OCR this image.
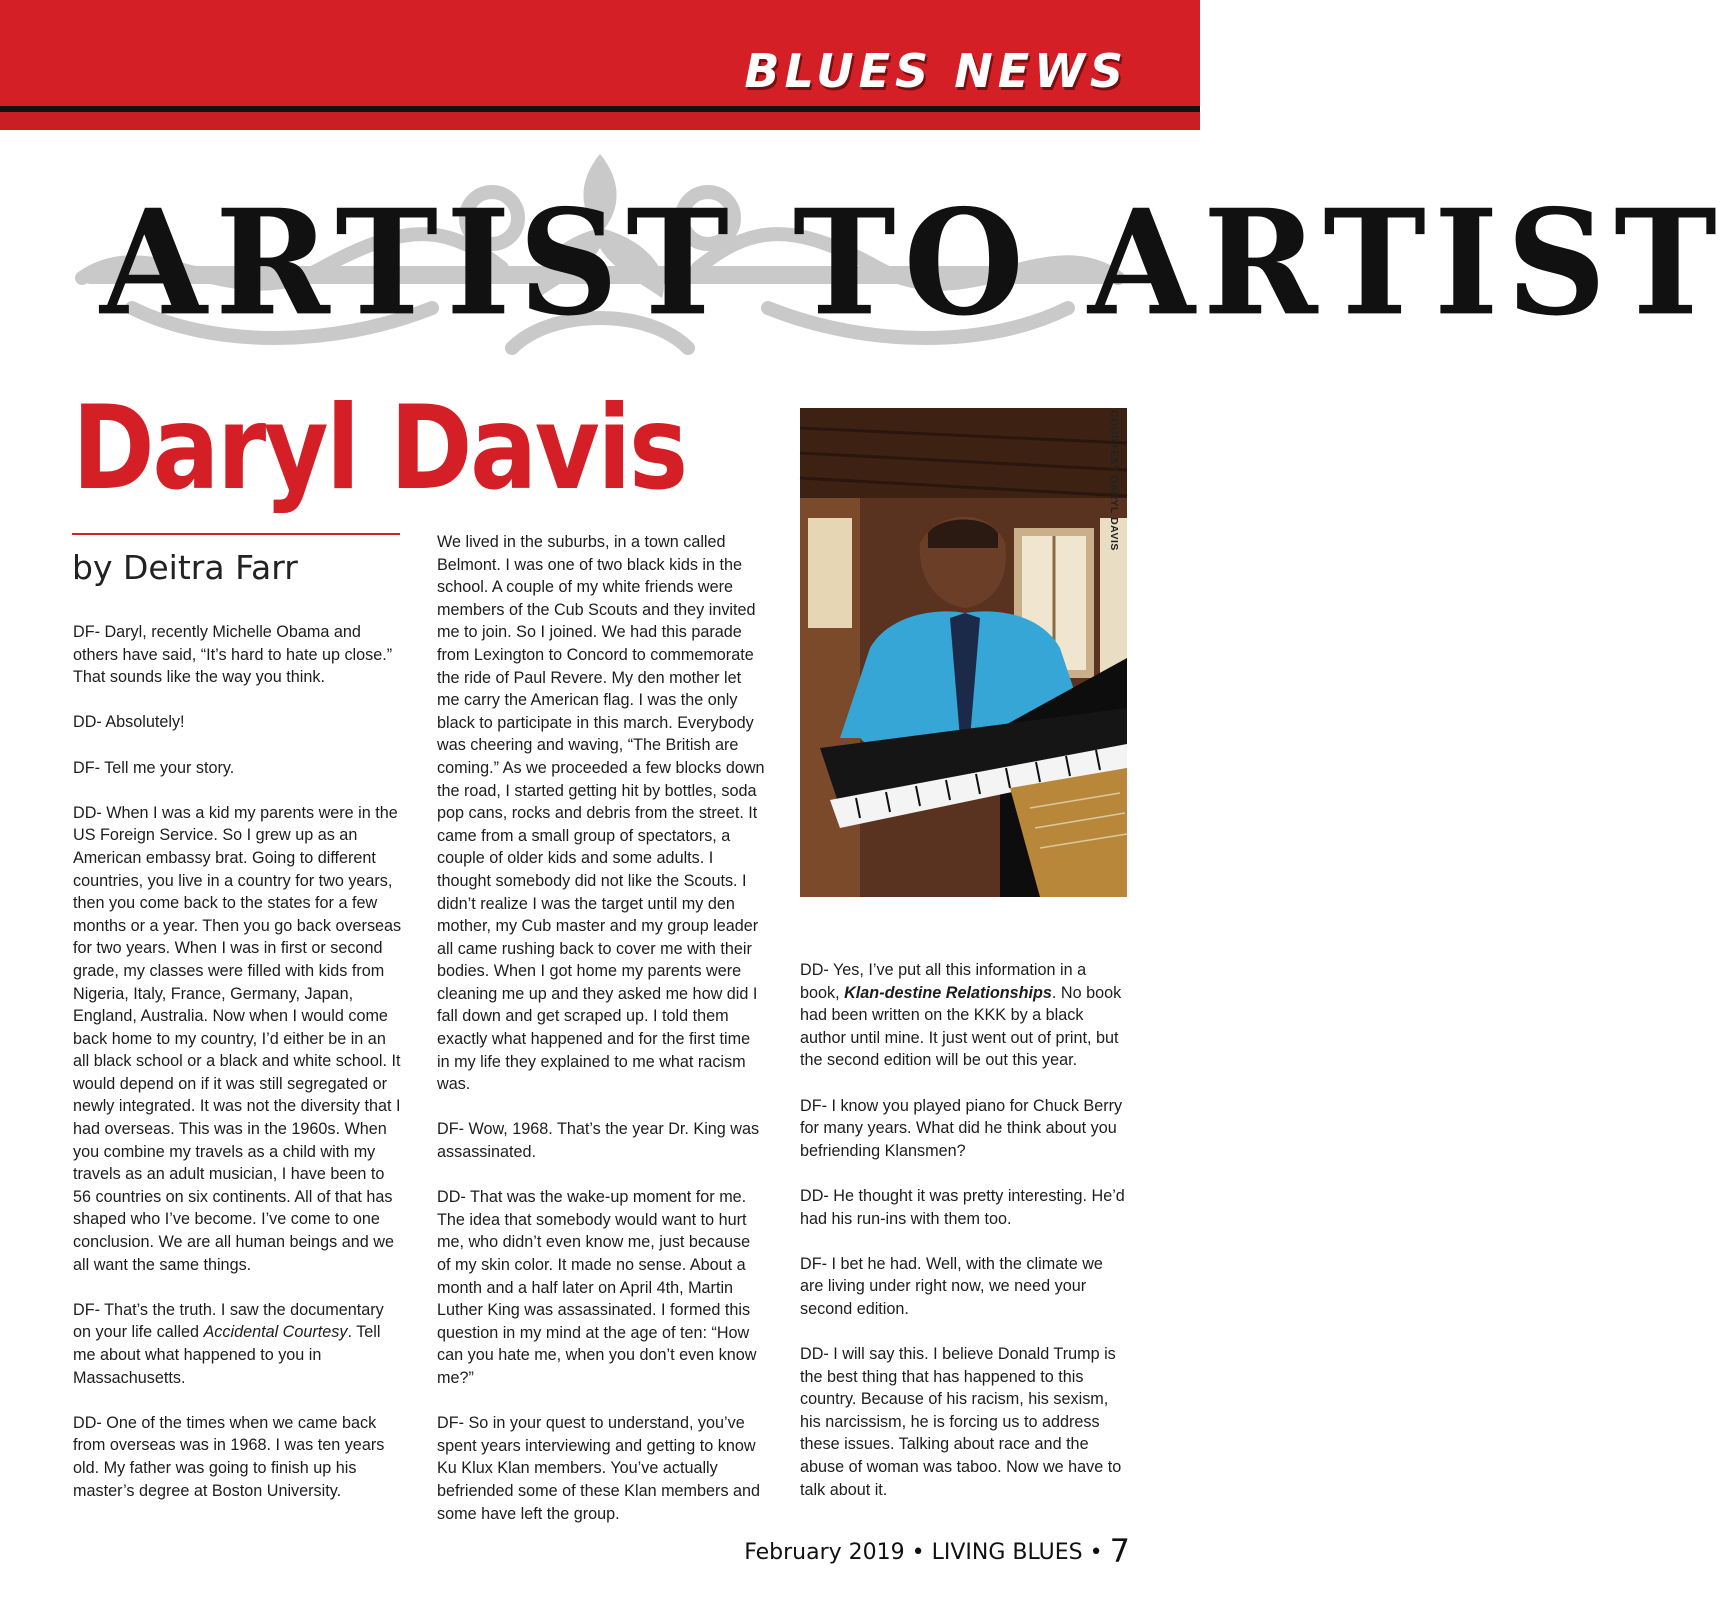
BLUES NEWS
ARTIST TO ARTIST
Daryl Davis
by Deitra Farr

DF- Daryl, recently Michelle Obama and others have said, “It’s hard to hate up close.” That sounds like the way you think.

DD- Absolutely!

DF- Tell me your story.

DD- When I was a kid my parents were in the US Foreign Service. So I grew up as an American embassy brat. Going to different countries, you live in a country for two years, then you come back to the states for a few months or a year. Then you go back overseas for two years. When I was in first or second grade, my classes were filled with kids from Nigeria, Italy, France, Germany, Japan, England, Australia. Now when I would come back home to my country, I’d either be in an all black school or a black and white school. It would depend on if it was still segregated or newly integrated. It was not the diversity that I had overseas. This was in the 1960s. When you combine my travels as a child with my travels as an adult musician, I have been to 56 countries on six continents. All of that has shaped who I’ve become. I’ve come to one conclusion. We are all human beings and we all want the same things.

DF- That’s the truth. I saw the documentary on your life called Accidental Courtesy. Tell me about what happened to you in Massachusetts.

DD- One of the times when we came back from overseas was in 1968. I was ten years old. My father was going to finish up his master’s degree at Boston University.

We lived in the suburbs, in a town called Belmont. I was one of two black kids in the school. A couple of my white friends were members of the Cub Scouts and they invited me to join. So I joined. We had this parade from Lexington to Concord to commemorate the ride of Paul Revere. My den mother let me carry the American flag. I was the only black to participate in this march. Everybody was cheering and waving, “The British are coming.” As we proceeded a few blocks down the road, I started getting hit by bottles, soda pop cans, rocks and debris from the street. It came from a small group of spectators, a couple of older kids and some adults. I thought somebody did not like the Scouts. I didn’t realize I was the target until my den mother, my Cub master and my group leader all came rushing back to cover me with their bodies. When I got home my parents were cleaning me up and they asked me how did I fall down and get scraped up. I told them exactly what happened and for the first time in my life they explained to me what racism was.

DF- Wow, 1968. That’s the year Dr. King was assassinated.

DD- That was the wake-up moment for me. The idea that somebody would want to hurt me, who didn’t even know me, just because of my skin color. It made no sense. About a month and a half later on April 4th, Martin Luther King was assassinated. I formed this question in my mind at the age of ten: “How can you hate me, when you don’t even know me?”

DF- So in your quest to understand, you’ve spent years interviewing and getting to know Ku Klux Klan members. You’ve actually befriended some of these Klan members and some have left the group.

COURTESY DARYL DAVIS

DD- Yes, I’ve put all this information in a book, Klan-destine Relationships. No book had been written on the KKK by a black author until mine. It just went out of print, but the second edition will be out this year.

DF- I know you played piano for Chuck Berry for many years. What did he think about you befriending Klansmen?

DD- He thought it was pretty interesting. He’d had his run-ins with them too.

DF- I bet he had. Well, with the climate we are living under right now, we need your second edition.

DD- I will say this. I believe Donald Trump is the best thing that has happened to this country. Because of his racism, his sexism, his narcissism, he is forcing us to address these issues. Talking about race and the abuse of woman was taboo. Now we have to talk about it.

February 2019 • LIVING BLUES • 7
